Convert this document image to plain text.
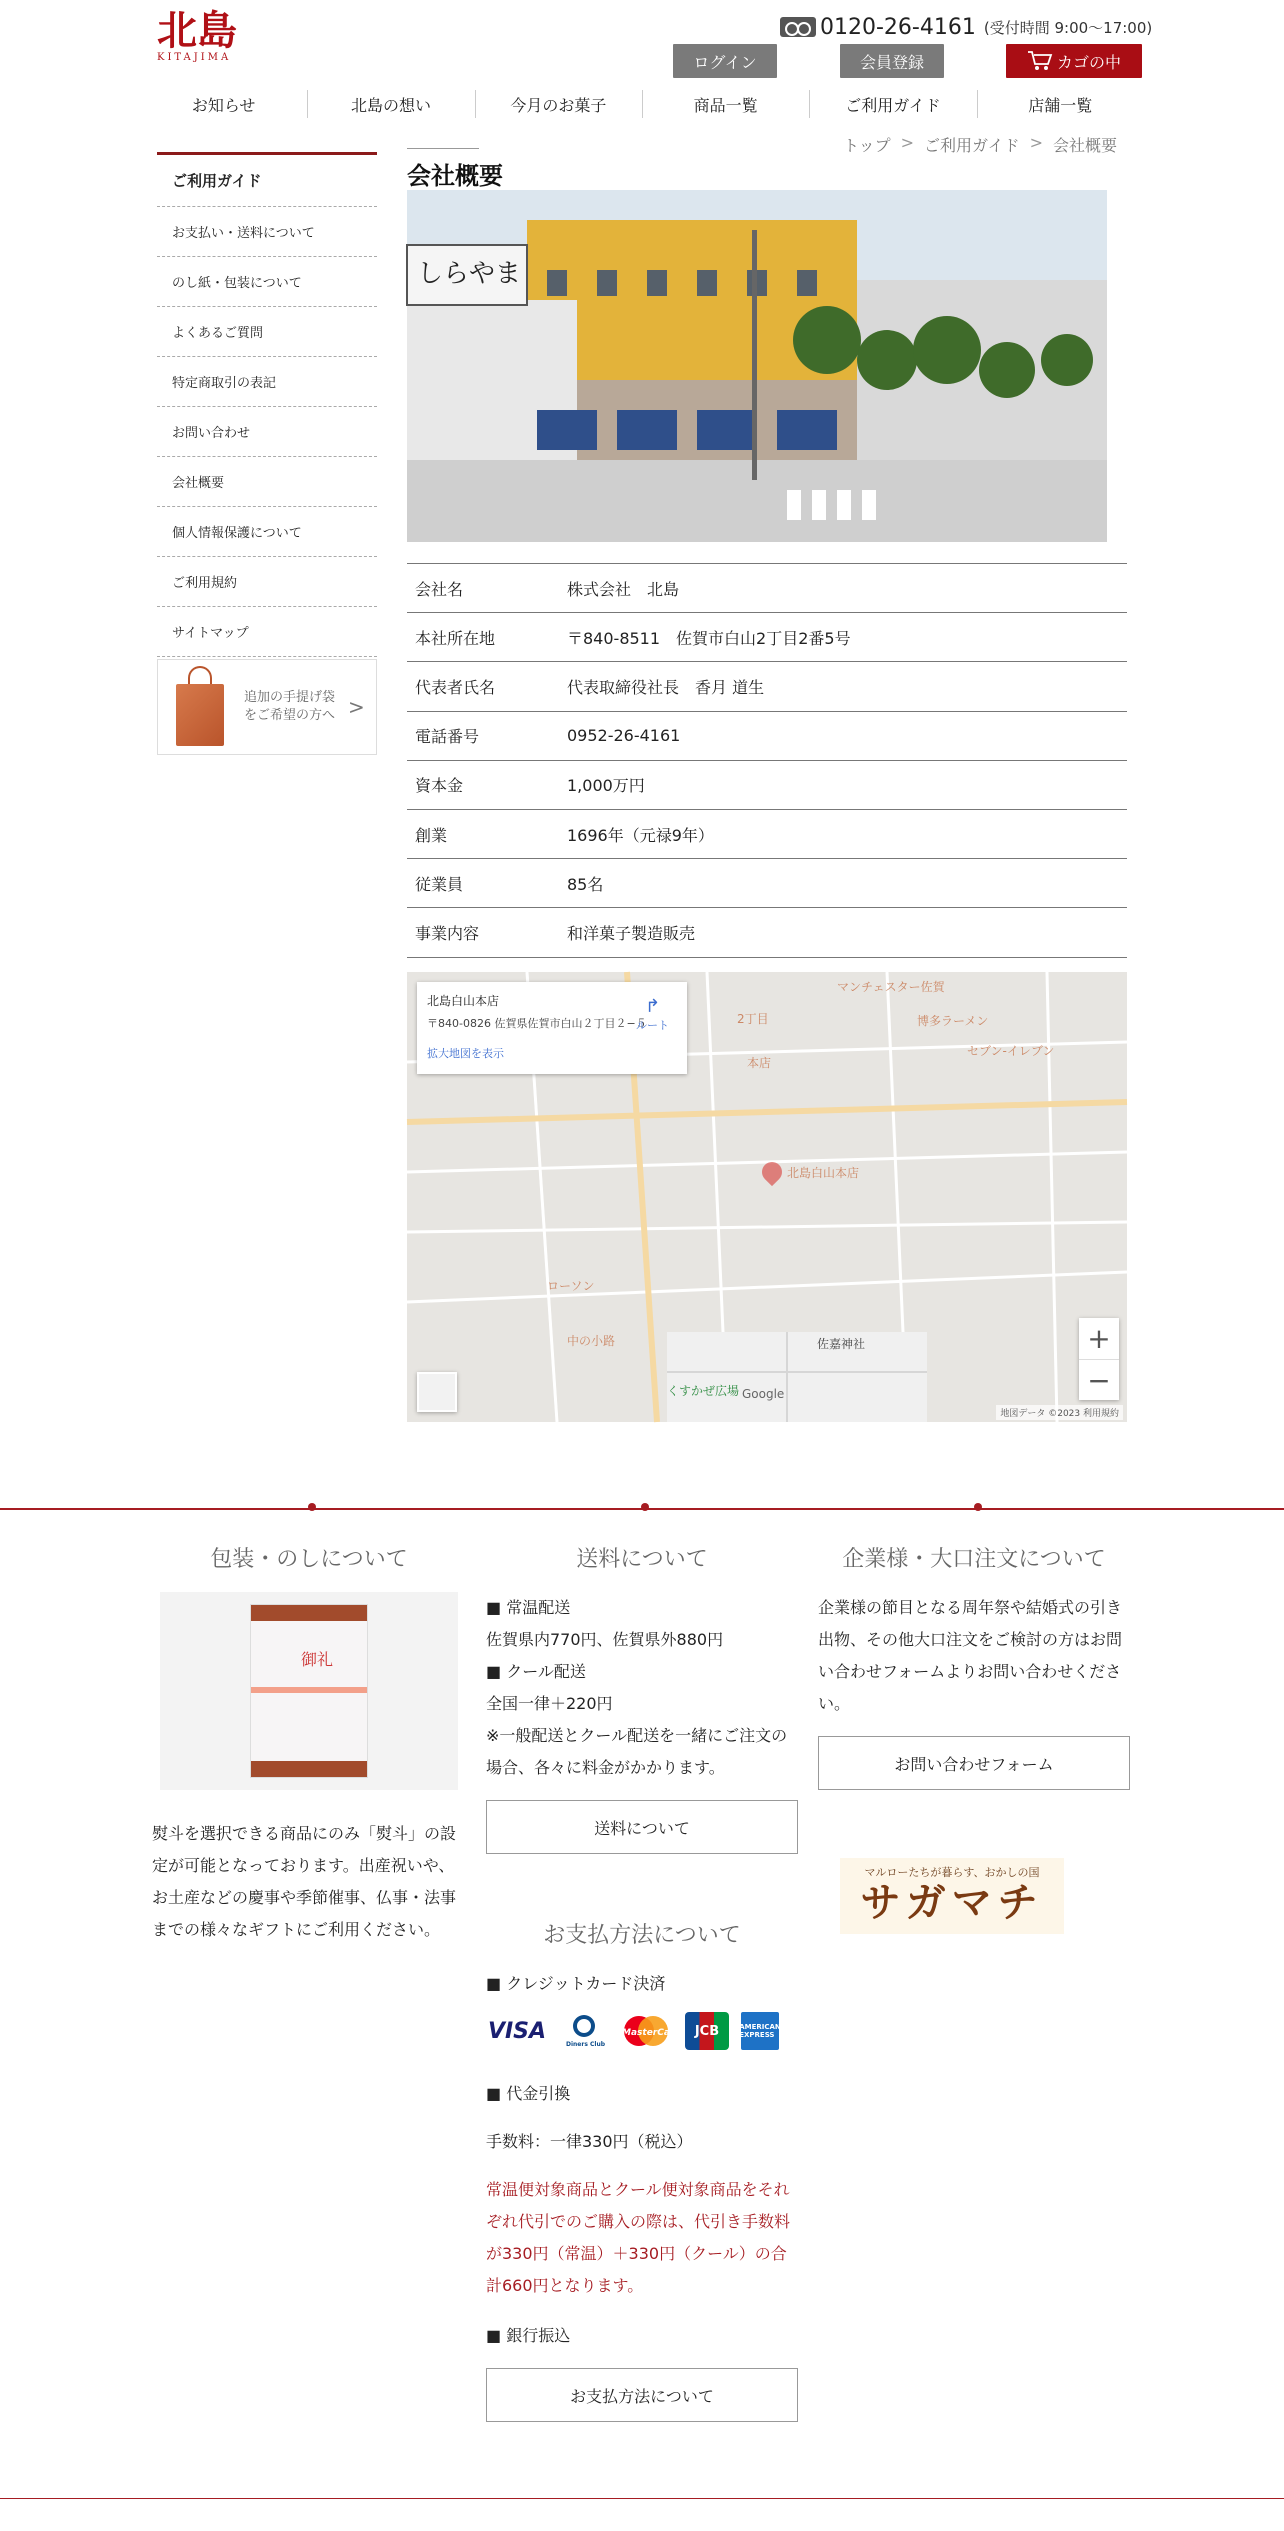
北島
KITAJIMA
0120-26-4161 (受付時間 9:00〜17:00)
ログイン	会員登録	カゴの中
お知らせ	北島の想い	今月のお菓子	商品一覧	ご利用ガイド	店舗一覧
トップ > ご利用ガイド > 会社概要
ご利用ガイド
お支払い・送料について
のし紙・包装について
よくあるご質問
特定商取引の表記
お問い合わせ
会社概要
個人情報保護について
ご利用規約
サイトマップ
追加の手提げ袋をご希望の方へ >
会社概要
しらやま
会社名	株式会社　北島
本社所在地	〒840-8511　佐賀市白山2丁目2番5号
代表者氏名	代表取締役社長　香月 道生
電話番号	0952-26-4161
資本金	1,000万円
創業	1696年（元禄9年）
従業員	85名
事業内容	和洋菓子製造販売
北島白山本店
マンチェスター佐賀
博多ラーメン
セブン-イレブン
2丁目
本店
佐嘉神社
中の小路
ローソン
くすかぜ広場 Google
北島白山本店
〒840-0826 佐賀県佐賀市白山２丁目２−５
拡大地図を表示
↱
ルート
+
−
地図データ ©2023 利用規約
包装・のしについて
御礼
熨斗を選択できる商品にのみ「熨斗」の設定が可能となっております。出産祝いや、お土産などの慶事や季節催事、仏事・法事までの様々なギフトにご利用ください。
送料について
■ 常温配送
佐賀県内770円、佐賀県外880円
■ クール配送
全国一律＋220円
※一般配送とクール配送を一緒にご注文の場合、各々に料金がかかります。
送料について
お支払方法について
■ クレジットカード決済
VISA
Diners Club
MasterCard	JCB	AMERICAN EXPRESS
■ 代金引換
手数料：一律330円（税込）
常温便対象商品とクール便対象商品をそれぞれ代引でのご購入の際は、代引き手数料が330円（常温）＋330円（クール）の合計660円となります。
■ 銀行振込
お支払方法について
企業様・大口注文について
企業様の節目となる周年祭や結婚式の引き出物、その他大口注文をご検討の方はお問い合わせフォームよりお問い合わせください。
お問い合わせフォーム
マルローたちが暮らす、おかしの国
サガマチ
